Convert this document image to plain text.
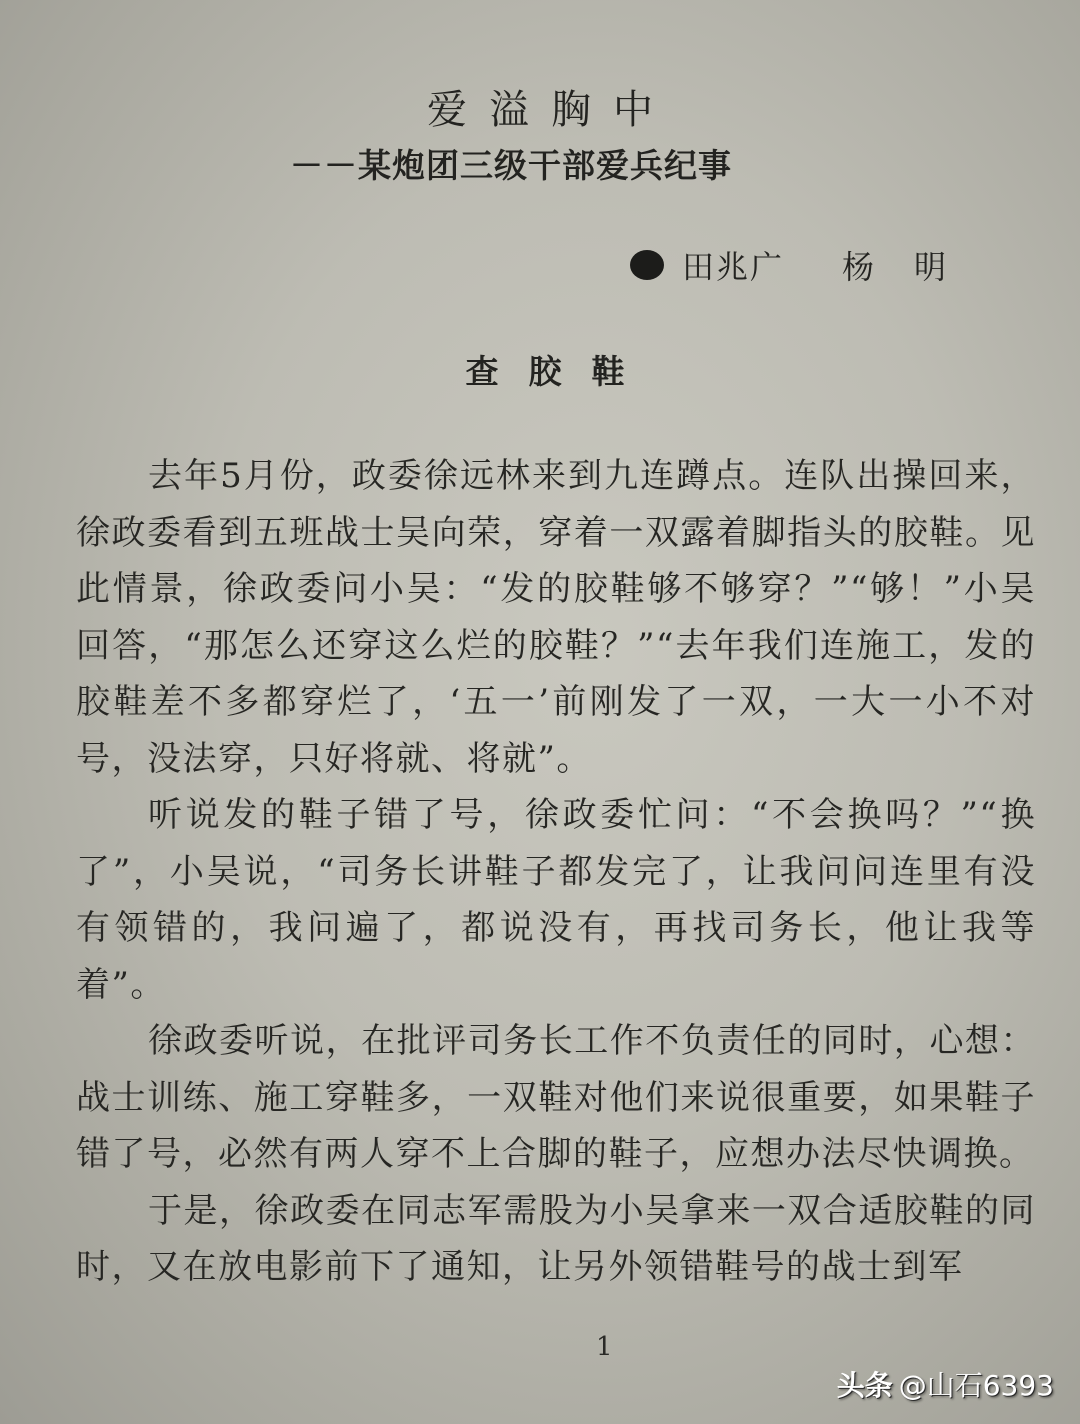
爱溢胸中
－－某炮团三级干部爱兵纪事
田兆广 杨明
查胶鞋

去年5月份，政委徐远林来到九连蹲点。连队出操回来，徐政委看到五班战士吴向荣，穿着一双露着脚指头的胶鞋。见此情景，徐政委问小吴：“发的胶鞋够不够穿？”“够！”小吴回答，“那怎么还穿这么烂的胶鞋？”“去年我们连施工，发的胶鞋差不多都穿烂了，‘五一’前刚发了一双，一大一小不对号，没法穿，只好将就、将就”。

听说发的鞋子错了号，徐政委忙问：“不会换吗？”“换了”，小吴说，“司务长讲鞋子都发完了，让我问问连里有没有领错的，我问遍了，都说没有，再找司务长，他让我等着”。

徐政委听说，在批评司务长工作不负责任的同时，心想：战士训练、施工穿鞋多，一双鞋对他们来说很重要，如果鞋子错了号，必然有两人穿不上合脚的鞋子，应想办法尽快调换。

于是，徐政委在同志军需股为小吴拿来一双合适胶鞋的同时，又在放电影前下了通知，让另外领错鞋号的战士到军

1
头条 @山石6393
